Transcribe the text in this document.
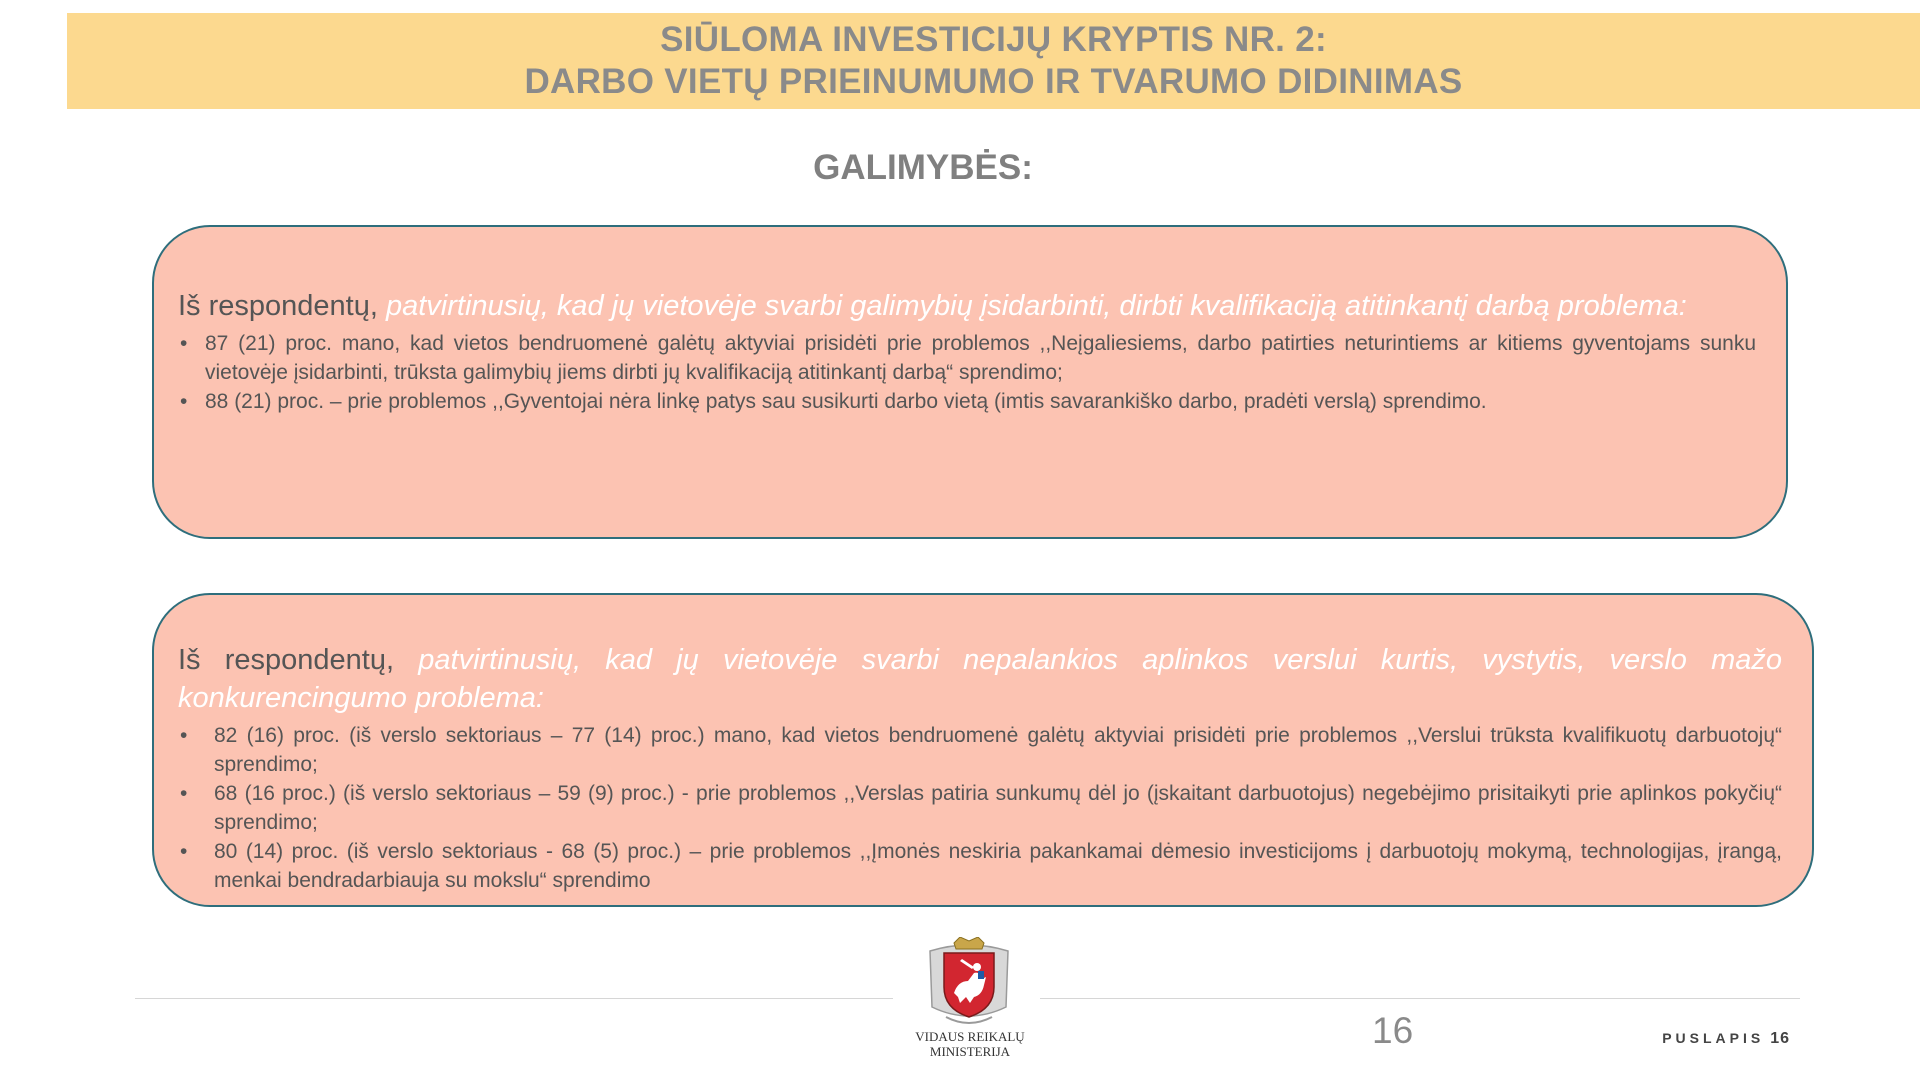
SIŪLOMA INVESTICIJŲ KRYPTIS NR. 2:
DARBO VIETŲ PRIEINUMUMO IR TVARUMO DIDINIMAS
GALIMYBĖS:
Iš respondentų, patvirtinusių, kad jų vietovėje svarbi galimybių įsidarbinti, dirbti kvalifikaciją atitinkantį darbą problema:
• 87 (21) proc. mano, kad vietos bendruomenė galėtų aktyviai prisidėti prie problemos ,,Neįgaliesiems, darbo patirties neturintiems ar kitiems gyventojams sunku vietovėje įsidarbinti, trūksta galimybių jiems dirbti jų kvalifikaciją atitinkantį darbą“ sprendimo;
• 88 (21) proc. – prie problemos ,,Gyventojai nėra linkę patys sau susikurti darbo vietą (imtis savarankiško darbo, pradėti verslą) sprendimo.
Iš respondentų, patvirtinusių, kad jų vietovėje svarbi nepalankios aplinkos verslui kurtis, vystytis, verslo mažo konkurencingumo problema:
• 82 (16) proc. (iš verslo sektoriaus – 77 (14) proc.) mano, kad vietos bendruomenė galėtų aktyviai prisidėti prie problemos ,,Verslui trūksta kvalifikuotų darbuotojų“ sprendimo;
• 68 (16 proc.) (iš verslo sektoriaus – 59 (9) proc.) - prie problemos ,,Verslas patiria sunkumų dėl jo (įskaitant darbuotojus) negebėjimo prisitaikyti prie aplinkos pokyčių“ sprendimo;
• 80 (14) proc. (iš verslo sektoriaus - 68 (5) proc.) – prie problemos ,,Įmonės neskiria pakankamai dėmesio investicijoms į darbuotojų mokymą, technologijas, įrangą, menkai bendradarbiauja su mokslu“ sprendimo
VIDAUS REIKALŲ
MINISTERIJA
16	PUSLAPIS 16
